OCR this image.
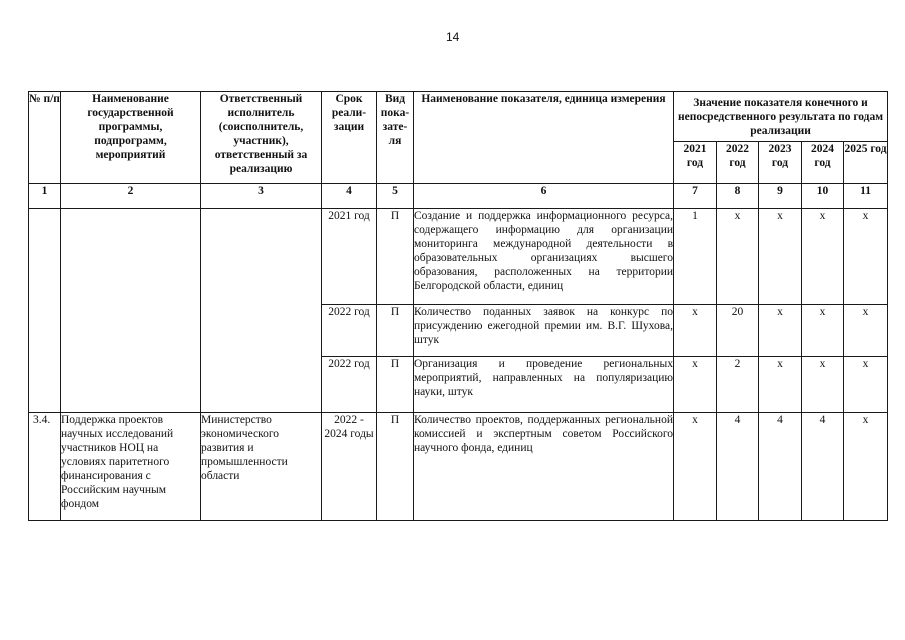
14
№ п/п	Наименование государственной программы, подпрограмм, мероприятий	Ответственный исполнитель (соисполнитель, участник), ответственный за реализацию	Срок реали-зации	Вид пока-зате-ля	Наименование показателя, единица измерения	Значение показателя конечного и непосредственного результата по годам реализации				
						2021 год	2022 год	2023 год	2024 год	2025 год
1	2	3	4	5	6	7	8	9	10	11
			2021 год	П	Создание и поддержка информационного ресурса, содержащего информацию для организации мониторинга международной деятельности в образовательных организациях высшего образования, расположенных на территории Белгородской области, единиц	1	х	х	х	х
			2022 год	П	Количество поданных заявок на конкурс по присуждению ежегодной премии им. В.Г. Шухова, штук	х	20	х	х	х
			2022 год	П	Организация и проведение региональных мероприятий, направленных на популяризацию науки, штук	х	2	х	х	х
3.4.	Поддержка проектов научных исследований участников НОЦ на условиях паритетного финансирования с Российским научным фондом	Министерство экономического развития и промышленности области	2022 - 2024 годы	П	Количество проектов, поддержанных региональной комиссией и экспертным советом Российского научного фонда, единиц	х	4	4	4	х
